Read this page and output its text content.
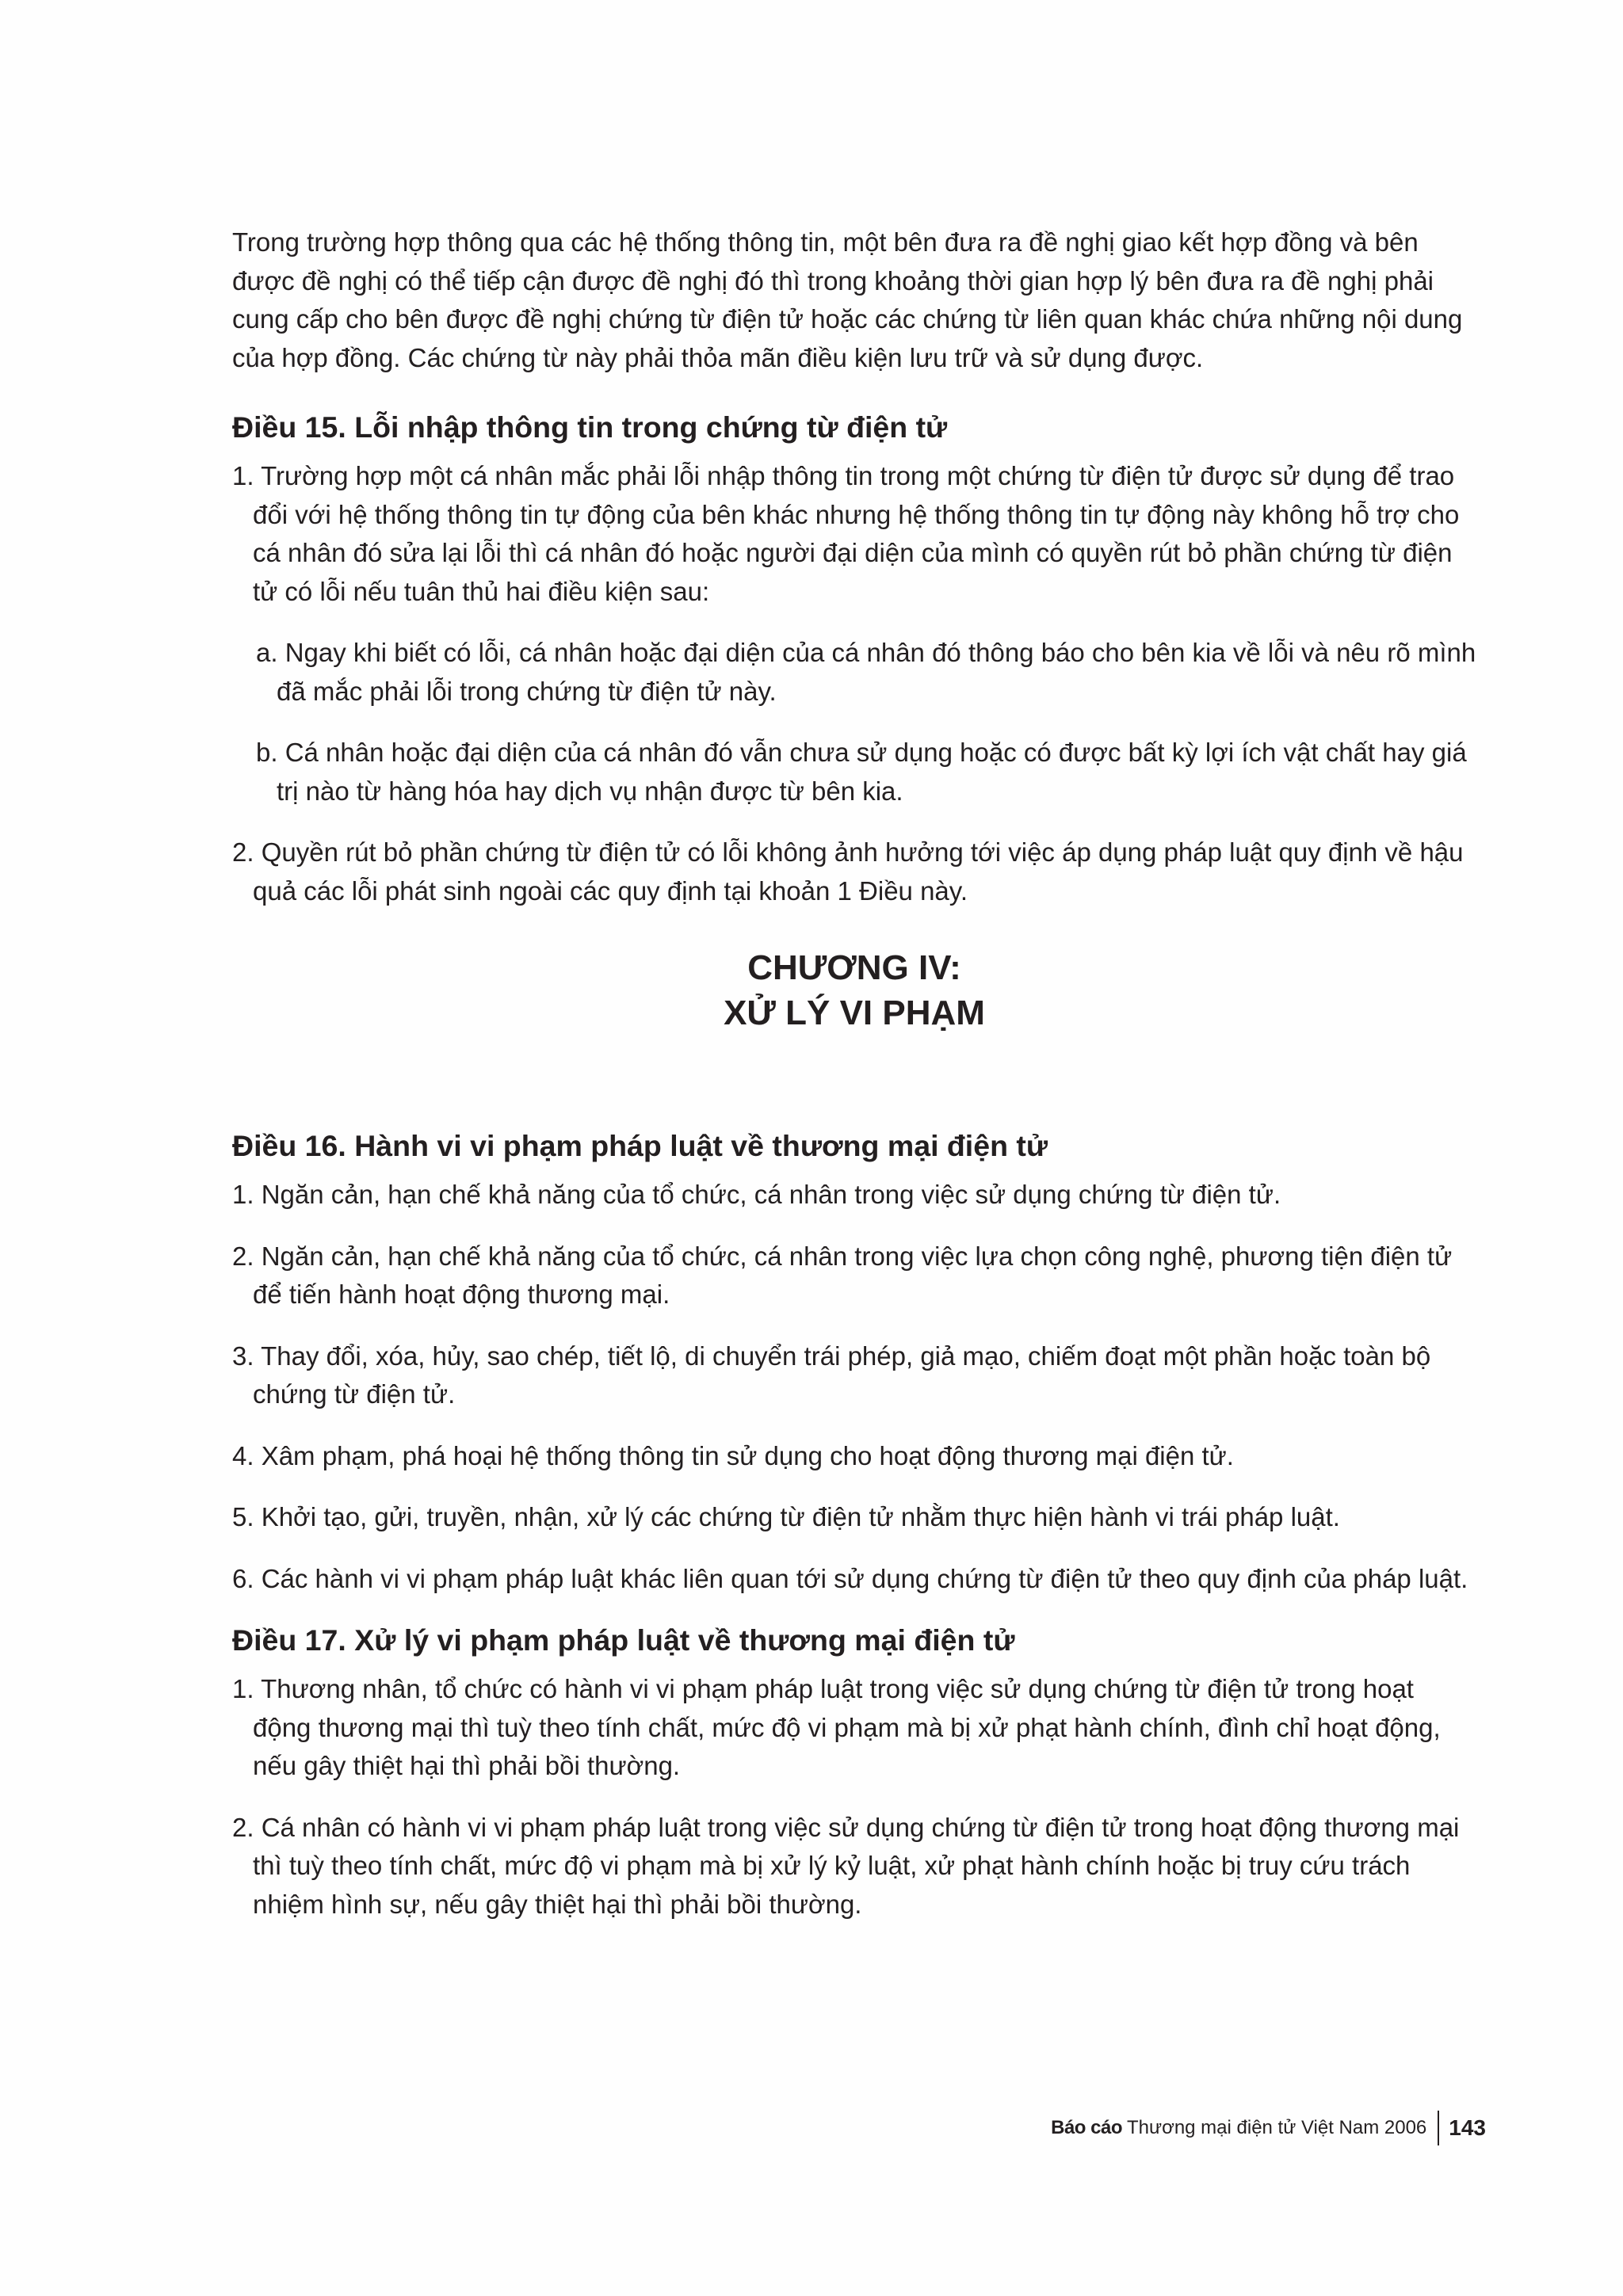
Trong trường hợp thông qua các hệ thống thông tin, một bên đưa ra đề nghị giao kết hợp đồng và bên được đề nghị có thể tiếp cận được đề nghị đó thì trong khoảng thời gian hợp lý bên đưa ra đề nghị phải cung cấp cho bên được đề nghị chứng từ điện tử hoặc các chứng từ liên quan khác chứa những nội dung của hợp đồng. Các chứng từ này phải thỏa mãn điều kiện lưu trữ và sử dụng được.

Điều 15. Lỗi nhập thông tin trong chứng từ điện tử

1. Trường hợp một cá nhân mắc phải lỗi nhập thông tin trong một chứng từ điện tử được sử dụng để trao đổi với hệ thống thông tin tự động của bên khác nhưng hệ thống thông tin tự động này không hỗ trợ cho cá nhân đó sửa lại lỗi thì cá nhân đó hoặc người đại diện của mình có quyền rút bỏ phần chứng từ điện tử có lỗi nếu tuân thủ hai điều kiện sau:

a. Ngay khi biết có lỗi, cá nhân hoặc đại diện của cá nhân đó thông báo cho bên kia về lỗi và nêu rõ mình đã mắc phải lỗi trong chứng từ điện tử này.

b. Cá nhân hoặc đại diện của cá nhân đó vẫn chưa sử dụng hoặc có được bất kỳ lợi ích vật chất hay giá trị nào từ hàng hóa hay dịch vụ nhận được từ bên kia.

2. Quyền rút bỏ phần chứng từ điện tử có lỗi không ảnh hưởng tới việc áp dụng pháp luật quy định về hậu quả các lỗi phát sinh ngoài các quy định tại khoản 1 Điều này.

CHƯƠNG IV:
XỬ LÝ VI PHẠM
Điều 16. Hành vi vi phạm pháp luật về thương mại điện tử

1. Ngăn cản, hạn chế khả năng của tổ chức, cá nhân trong việc sử dụng chứng từ điện tử.

2. Ngăn cản, hạn chế khả năng của tổ chức, cá nhân trong việc lựa chọn công nghệ, phương tiện điện tử để tiến hành hoạt động thương mại.

3. Thay đổi, xóa, hủy, sao chép, tiết lộ, di chuyển trái phép, giả mạo, chiếm đoạt một phần hoặc toàn bộ chứng từ điện tử.

4. Xâm phạm, phá hoại hệ thống thông tin sử dụng cho hoạt động thương mại điện tử.

5. Khởi tạo, gửi, truyền, nhận, xử lý các chứng từ điện tử nhằm thực hiện hành vi trái pháp luật.

6. Các hành vi vi phạm pháp luật khác liên quan tới sử dụng chứng từ điện tử theo quy định của pháp luật.

Điều 17. Xử lý vi phạm pháp luật về thương mại điện tử

1. Thương nhân, tổ chức có hành vi vi phạm pháp luật trong việc sử dụng chứng từ điện tử trong hoạt động thương mại thì tuỳ theo tính chất, mức độ vi phạm mà bị xử phạt hành chính, đình chỉ hoạt động, nếu gây thiệt hại thì phải bồi thường.

2. Cá nhân có hành vi vi phạm pháp luật trong việc sử dụng chứng từ điện tử trong hoạt động thương mại thì tuỳ theo tính chất, mức độ vi phạm mà bị xử lý kỷ luật, xử phạt hành chính hoặc bị truy cứu trách nhiệm hình sự, nếu gây thiệt hại thì phải bồi thường.

Báo cáo Thương mại điện tử Việt Nam 2006 143
